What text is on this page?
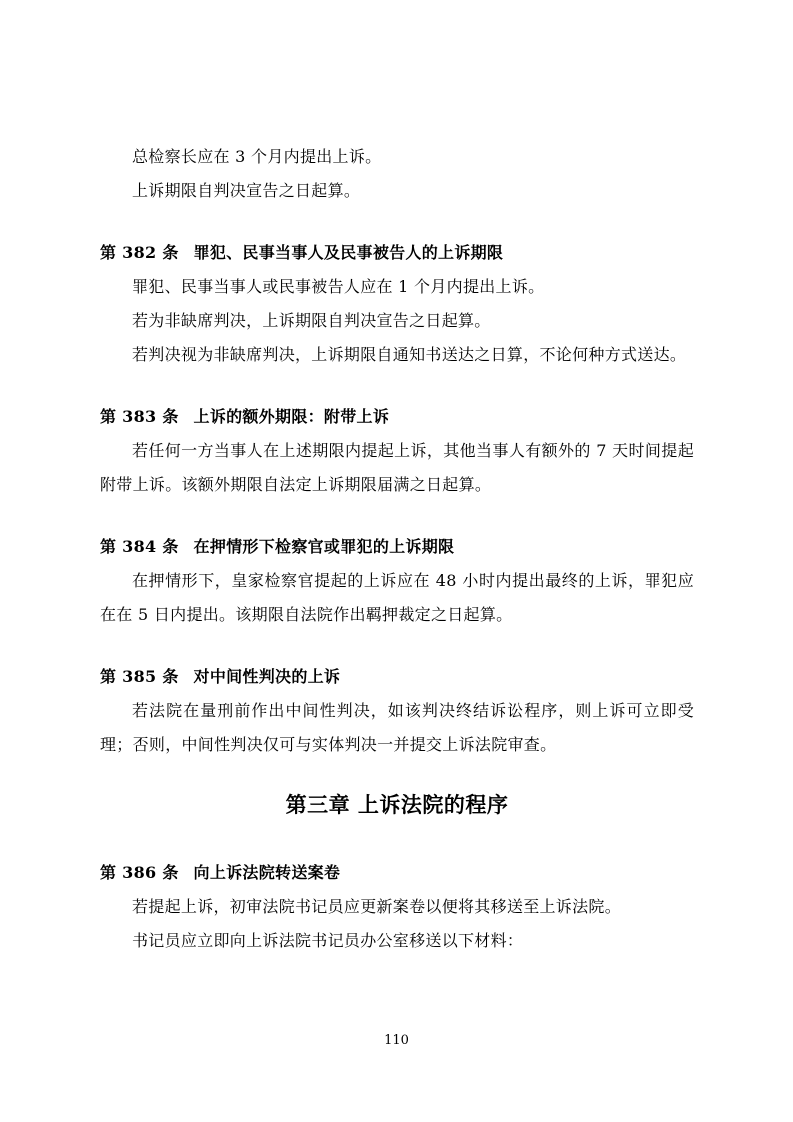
总检察长应在 3 个月内提出上诉。

上诉期限自判决宣告之日起算。

第 382 条 罪犯、民事当事人及民事被告人的上诉期限

罪犯、民事当事人或民事被告人应在 1 个月内提出上诉。

若为非缺席判决，上诉期限自判决宣告之日起算。

若判决视为非缺席判决，上诉期限自通知书送达之日算，不论何种方式送达。

第 383 条 上诉的额外期限：附带上诉

若任何一方当事人在上述期限内提起上诉，其他当事人有额外的 7 天时间提起附带上诉。该额外期限自法定上诉期限届满之日起算。

第 384 条 在押情形下检察官或罪犯的上诉期限

在押情形下，皇家检察官提起的上诉应在 48 小时内提出最终的上诉，罪犯应在在 5 日内提出。该期限自法院作出羁押裁定之日起算。

第 385 条 对中间性判决的上诉

若法院在量刑前作出中间性判决，如该判决终结诉讼程序，则上诉可立即受理；否则，中间性判决仅可与实体判决一并提交上诉法院审查。

第三章 上诉法院的程序
第 386 条 向上诉法院转送案卷

若提起上诉，初审法院书记员应更新案卷以便将其移送至上诉法院。

书记员应立即向上诉法院书记员办公室移送以下材料：

110
